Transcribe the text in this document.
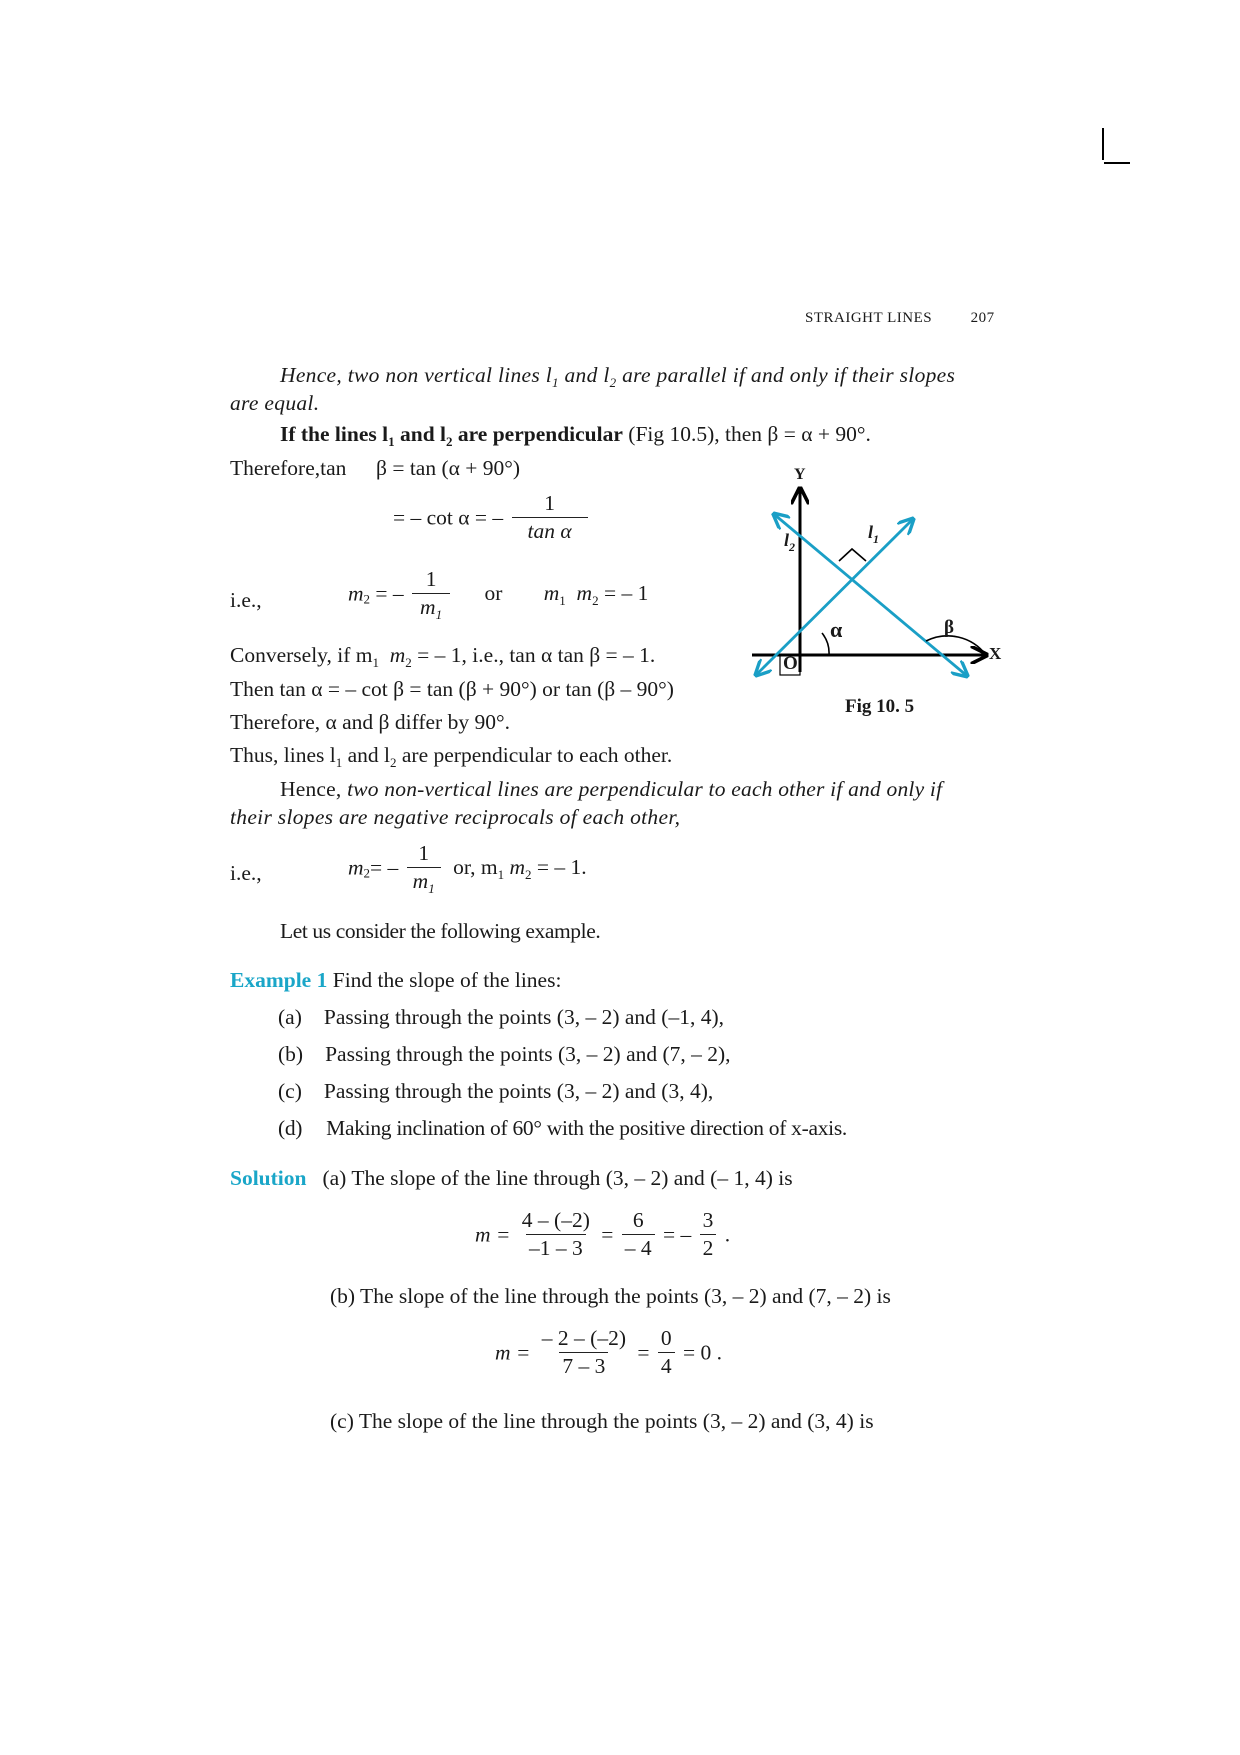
STRAIGHT LINES	207
Hence, two non vertical lines $l_1$ and $l_2$ are parallel if and only if their slopes
are equal.
If the lines $l_1$ and $l_2$ are perpendicular (Fig 10.5), then β = α + 90°.
Therefore,tan β = tan (α + 90°)
= – cot α = – $\frac{1}{\text{tan α}}$
i.e.,	$m_2$ = – $\frac{1}{m_1}$ or $m_1$ $m_2$ = – 1
Conversely, if $m_1$ $m_2$ = – 1, i.e., tan α tan β = – 1.
Then tan α = – cot β = tan (β + 90°) or tan (β – 90°)
Therefore, α and β differ by 90°.
Thus, lines $l_1$ and $l_2$ are perpendicular to each other.
Hence, two non-vertical lines are perpendicular to each other if and only if
their slopes are negative reciprocals of each other,
i.e.,	$m_2= - \frac{1}{m_1}$ or, $m_1$ $m_2$ = – 1.
Let us consider the following example.
Example 1 Find the slope of the lines:
(a) Passing through the points (3, – 2) and (–1, 4),
(b) Passing through the points (3, – 2) and (7, – 2),
(c) Passing through the points (3, – 2) and (3, 4),
(d) Making inclination of 60° with the positive direction of x-axis.
Solution (a) The slope of the line through (3, – 2) and (– 1, 4) is
$m = \frac{4 - (-2)}{-1 - 3} = \frac{6}{- 4}$ = – $\frac{3}{2}$ .
(b) The slope of the line through the points (3, – 2) and (7, – 2) is
$m = \frac{- 2 - (-2)}{7 - 3} = \frac{0}{4} = 0$ .
(c) The slope of the line through the points (3, – 2) and (3, 4) is
Y
X
O
α	β
$l_1$
$l_2$
Fig 10. 5
